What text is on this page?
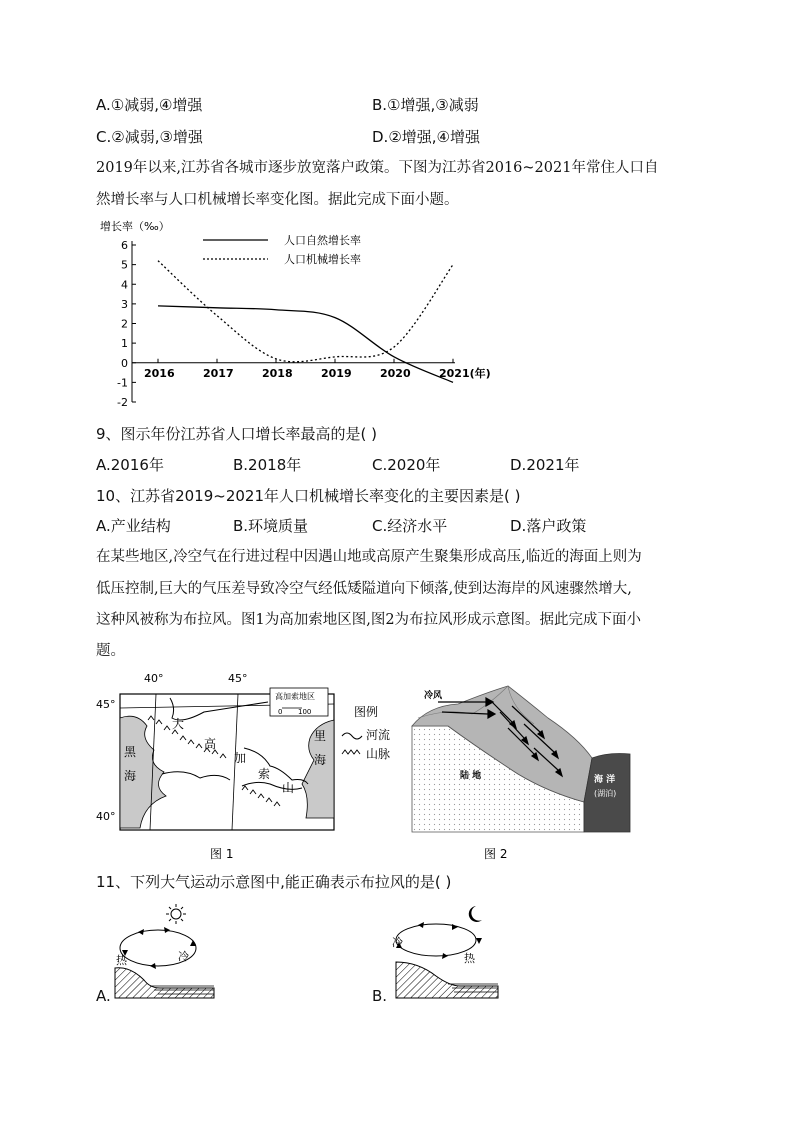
A.①减弱,④增强	B.①增强,③减弱
C.②减弱,③增强	D.②增强,④增强
2019年以来,江苏省各城市逐步放宽落户政策。下图为江苏省2016~2021年常住人口自
然增长率与人口机械增长率变化图。据此完成下面小题。
增长率（‰）
6
5
4
3
2
1
0
-1
-2
2016	2017	2018	2019	2020	2021(年)
人口自然增长率
人口机械增长率
9、图示年份江苏省人口增长率最高的是( )
A.2016年	B.2018年	C.2020年	D.2021年
10、江苏省2019~2021年人口机械增长率变化的主要因素是( )
A.产业结构	B.环境质量	C.经济水平	D.落户政策
在某些地区,冷空气在行进过程中因遇山地或高原产生聚集形成高压,临近的海面上则为
低压控制,巨大的气压差导致冷空气经低矮隘道向下倾落,使到达海岸的风速骤然增大,
这种风被称为布拉风。图1为高加索地区图,图2为布拉风形成示意图。据此完成下面小
题。
40°	45°
45°
40°
黑
海
里
海
大
高
加
索
山
高加索地区
0 100	图例
河流
山脉
图 1
冷风
陆 地	海 洋
(湖泊)
图 2
11、下列大气运动示意图中,能正确表示布拉风的是( )
A.
热	冷
B.
冷
热
